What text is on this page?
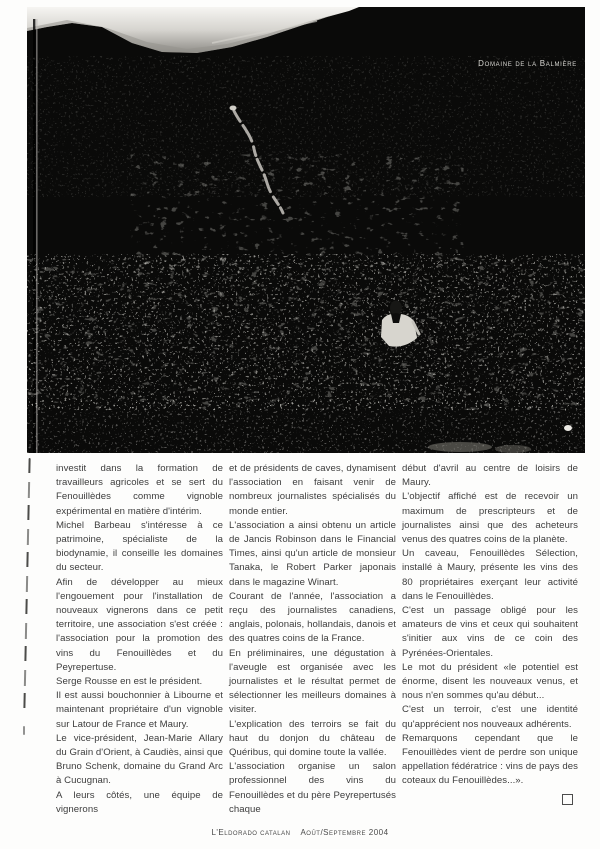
Domaine de la Balmière

investit dans la formation de travailleurs agricoles et se sert du Fenouillèdes comme vignoble expérimental en matière d'intérim.

Michel Barbeau s'intéresse à ce patrimoine, spécialiste de la biodynamie, il conseille les domaines du secteur.

Afin de développer au mieux l'engouement pour l'installation de nouveaux vignerons dans ce petit territoire, une association s'est créée : l'association pour la promotion des vins du Fenouillèdes et du Peyrepertuse.

Serge Rousse en est le président.

Il est aussi bouchonnier à Libourne et maintenant propriétaire d'un vignoble sur Latour de France et Maury.

Le vice-président, Jean-Marie Allary du Grain d'Orient, à Caudiès, ainsi que Bruno Schenk, domaine du Grand Arc à Cucugnan.

A leurs côtés, une équipe de vignerons

et de présidents de caves, dynamisent l'association en faisant venir de nombreux journalistes spécialisés du monde entier.

L'association a ainsi obtenu un article de Jancis Robinson dans le Financial Times, ainsi qu'un article de monsieur Tanaka, le Robert Parker japonais dans le magazine Winart.

Courant de l'année, l'association a reçu des journalistes canadiens, anglais, polonais, hollandais, danois et des quatres coins de la France.

En préliminaires, une dégustation à l'aveugle est organisée avec les journalistes et le résultat permet de sélectionner les meilleurs domaines à visiter.

L'explication des terroirs se fait du haut du donjon du château de Quéribus, qui domine toute la vallée.

L'association organise un salon professionnel des vins du Fenouillèdes et du père Peyrepertusés chaque

début d'avril au centre de loisirs de Maury.

L'objectif affiché est de recevoir un maximum de prescripteurs et de journalistes ainsi que des acheteurs venus des quatres coins de la planète.

Un caveau, Fenouillèdes Sélection, installé à Maury, présente les vins des 80 propriétaires exerçant leur activité dans le Fenouillèdes.

C'est un passage obligé pour les amateurs de vins et ceux qui souhaitent s'initier aux vins de ce coin des Pyrénées-Orientales.

Le mot du président «le potentiel est énorme, disent les nouveaux venus, et nous n'en sommes qu'au début...

C'est un terroir, c'est une identité qu'apprécient nos nouveaux adhérents.

Remarquons cependant que le Fenouillèdes vient de perdre son unique appellation fédératrice : vins de pays des coteaux du Fenouillèdes...».

L'Eldorado catalan Août/Septembre 2004
